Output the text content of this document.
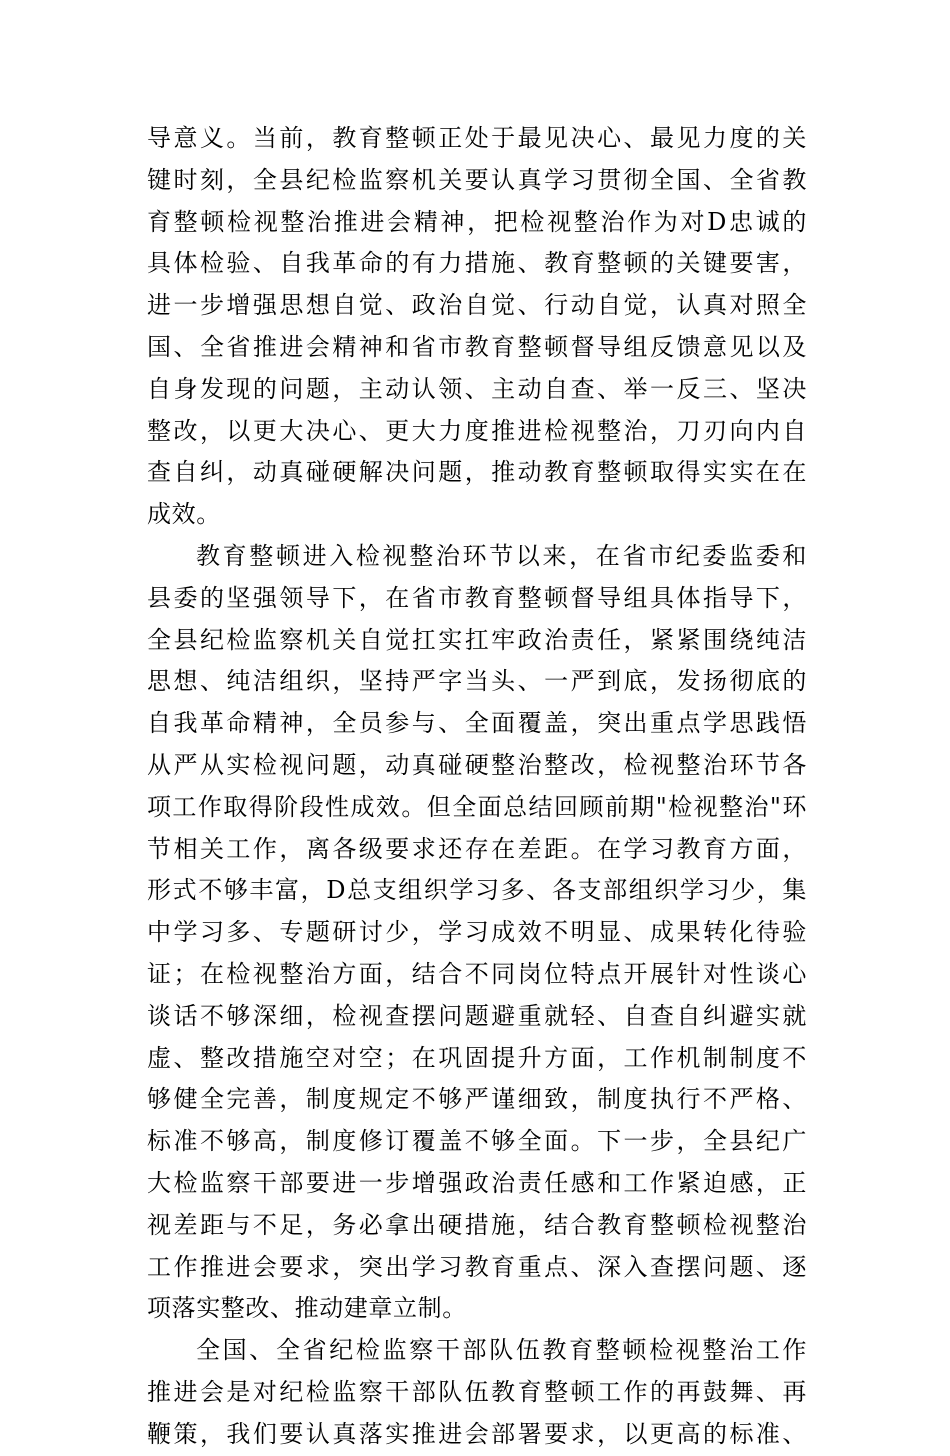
导意义。当前，教育整顿正处于最见决心、最见力度的关
键时刻，全县纪检监察机关要认真学习贯彻全国、全省教
育整顿检视整治推进会精神，把检视整治作为对D忠诚的
具体检验、自我革命的有力措施、教育整顿的关键要害，
进一步增强思想自觉、政治自觉、行动自觉，认真对照全
国、全省推进会精神和省市教育整顿督导组反馈意见以及
自身发现的问题，主动认领、主动自查、举一反三、坚决
整改，以更大决心、更大力度推进检视整治，刀刃向内自
查自纠，动真碰硬解决问题，推动教育整顿取得实实在在
成效。
教育整顿进入检视整治环节以来，在省市纪委监委和
县委的坚强领导下，在省市教育整顿督导组具体指导下，
全县纪检监察机关自觉扛实扛牢政治责任，紧紧围绕纯洁
思想、纯洁组织，坚持严字当头、一严到底，发扬彻底的
自我革命精神，全员参与、全面覆盖，突出重点学思践悟
从严从实检视问题，动真碰硬整治整改，检视整治环节各
项工作取得阶段性成效。但全面总结回顾前期"检视整治"环
节相关工作，离各级要求还存在差距。在学习教育方面，
形式不够丰富，D总支组织学习多、各支部组织学习少，集
中学习多、专题研讨少，学习成效不明显、成果转化待验
证；在检视整治方面，结合不同岗位特点开展针对性谈心
谈话不够深细，检视查摆问题避重就轻、自查自纠避实就
虚、整改措施空对空；在巩固提升方面，工作机制制度不
够健全完善，制度规定不够严谨细致，制度执行不严格、
标准不够高，制度修订覆盖不够全面。下一步，全县纪广
大检监察干部要进一步增强政治责任感和工作紧迫感，正
视差距与不足，务必拿出硬措施，结合教育整顿检视整治
工作推进会要求，突出学习教育重点、深入查摆问题、逐
项落实整改、推动建章立制。
全国、全省纪检监察干部队伍教育整顿检视整治工作
推进会是对纪检监察干部队伍教育整顿工作的再鼓舞、再
鞭策，我们要认真落实推进会部署要求，以更高的标准、
